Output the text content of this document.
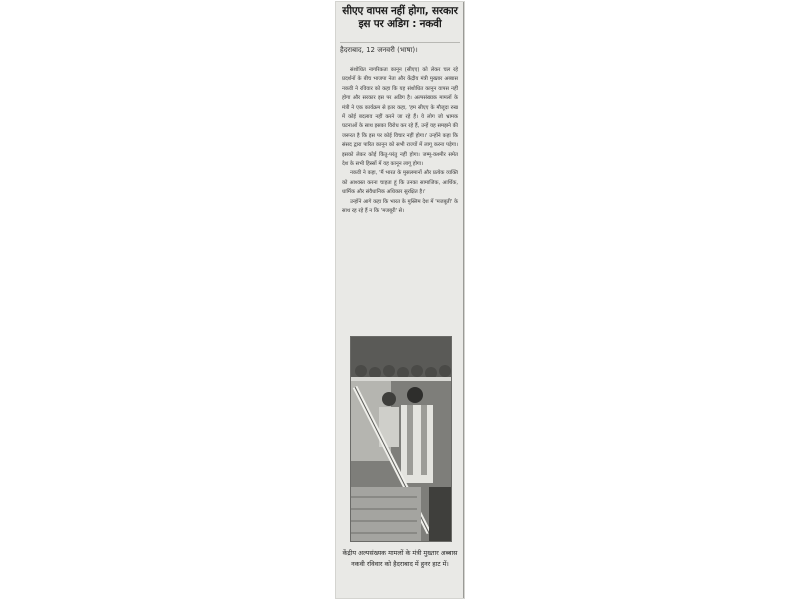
सीएए वापस नहीं होगा, सरकार इस पर अडिग : नकवी
हैदराबाद, 12 जनवरी (भाषा)।

संशोधित नागरिकता कानून (सीएए) को लेकर चल रहे प्रदर्शनों के बीच भाजपा नेता और केंद्रीय मंत्री मुख्तार अब्बास नकवी ने रविवार को कहा कि यह संशोधित कानून वापस नहीं होगा और सरकार इस पर अडिग है। अल्पसंख्यक मामलों के मंत्री ने एक कार्यक्रम से इतर कहा, 'हम सीएए के मौजूदा रुख में कोई बदलाव नहीं करने जा रहे हैं। ये लोग जो भ्रामक घटनाओं के साथ इसका विरोध कर रहे हैं, उन्हें यह समझने की जरूरत है कि इस पर कोई विचार नहीं होगा।' उन्होंने कहा कि संसद द्वारा पारित कानून को सभी राज्यों में लागू करना पड़ेगा। इसको लेकर कोई किंतु-परंतु नहीं होगा। जम्मू-कश्मीर समेत देश के सभी हिस्सों में यह कानून लागू होगा।

नकवी ने कहा, 'मैं भारत के मुसलमानों और प्रत्येक व्यक्ति को आश्वस्त करना चाहता हूं कि उनका सामाजिक, आर्थिक, धार्मिक और संवैधानिक अधिकार सुरक्षित है।'

उन्होंने आगे कहा कि भारत के मुस्लिम देश में 'मजबूती' के साथ रह रहे हैं न कि 'मजबूरी' से।

केंद्रीय अल्पसंख्यक मामलों के मंत्री मुख्तार अब्बास नकवी रविवार को हैदराबाद में हुनर हाट में।
